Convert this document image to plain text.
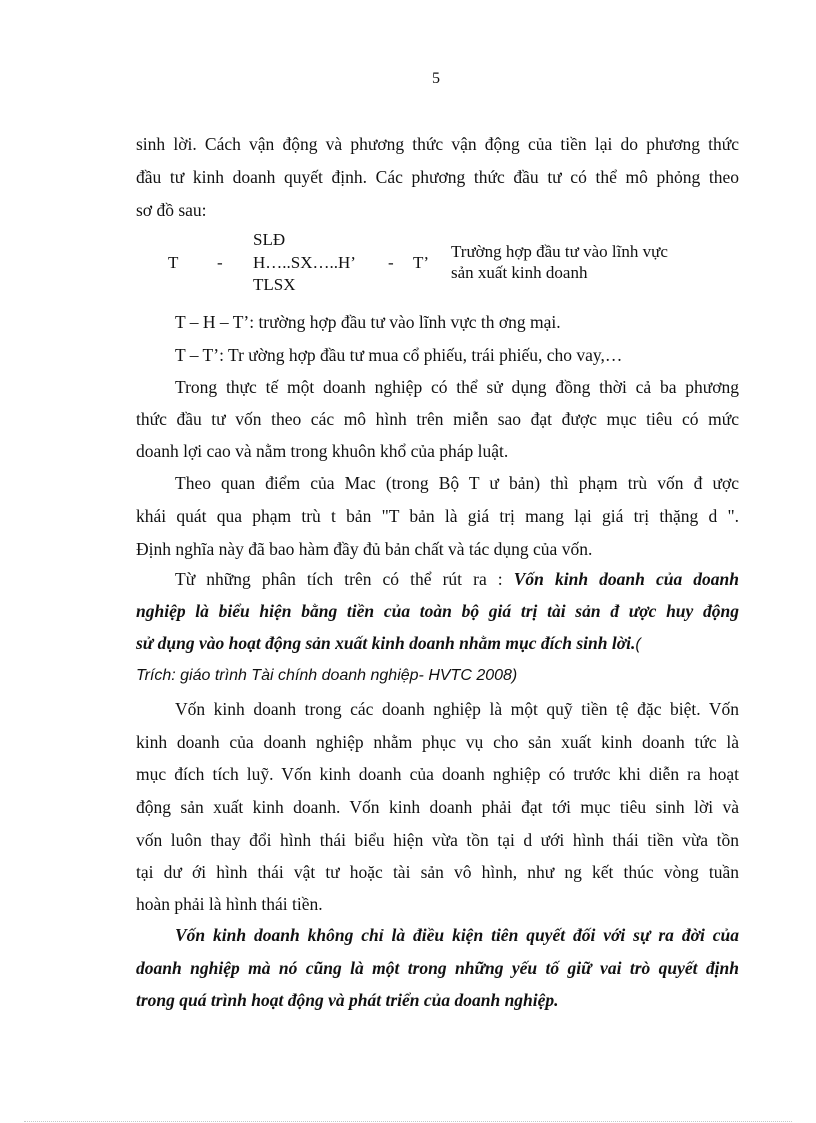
5
sinh lời. Cách vận động và phương thức vận động của tiền lại do phương thức
đầu tư kinh doanh quyết định. Các phương thức đầu tư có thể mô phỏng theo
sơ đồ sau:
T -
SLĐ
H…..SX…..H’ - T’
TLSX
Trường hợp đầu tư vào lĩnh vực
sản xuất kinh doanh
T – H – T’: trường hợp đầu tư vào lĩnh vực th ơng mại.
T – T’: Tr ường hợp đầu tư mua cổ phiếu, trái phiếu, cho vay,…
Trong thực tế một doanh nghiệp có thể sử dụng đồng thời cả ba phương
thức đầu tư vốn theo các mô hình trên miễn sao đạt được mục tiêu có mức
doanh lợi cao và nằm trong khuôn khổ của pháp luật.
Theo quan điểm của Mac (trong Bộ T ư bản) thì phạm trù vốn đ ược
khái quát qua phạm trù t bản "T bản là giá trị mang lại giá trị thặng d ".
Định nghĩa này đã bao hàm đầy đủ bản chất và tác dụng của vốn.
Từ những phân tích trên có thể rút ra : Vốn kinh doanh của doanh
nghiệp là biểu hiện bằng tiền của toàn bộ giá trị tài sản đ ược huy động
sử dụng vào hoạt động sản xuất kinh doanh nhằm mục đích sinh lời.(
Trích: giáo trình Tài chính doanh nghiệp- HVTC 2008)
Vốn kinh doanh trong các doanh nghiệp là một quỹ tiền tệ đặc biệt. Vốn
kinh doanh của doanh nghiệp nhằm phục vụ cho sản xuất kinh doanh tức là
mục đích tích luỹ. Vốn kinh doanh của doanh nghiệp có trước khi diễn ra hoạt
động sản xuất kinh doanh. Vốn kinh doanh phải đạt tới mục tiêu sinh lời và
vốn luôn thay đổi hình thái biểu hiện vừa tồn tại d ưới hình thái tiền vừa tồn
tại dư ới hình thái vật tư hoặc tài sản vô hình, như ng kết thúc vòng tuần
hoàn phải là hình thái tiền.
Vốn kinh doanh không chỉ là điều kiện tiên quyết đối với sự ra đời của
doanh nghiệp mà nó cũng là một trong những yếu tố giữ vai trò quyết định
trong quá trình hoạt động và phát triển của doanh nghiệp.
